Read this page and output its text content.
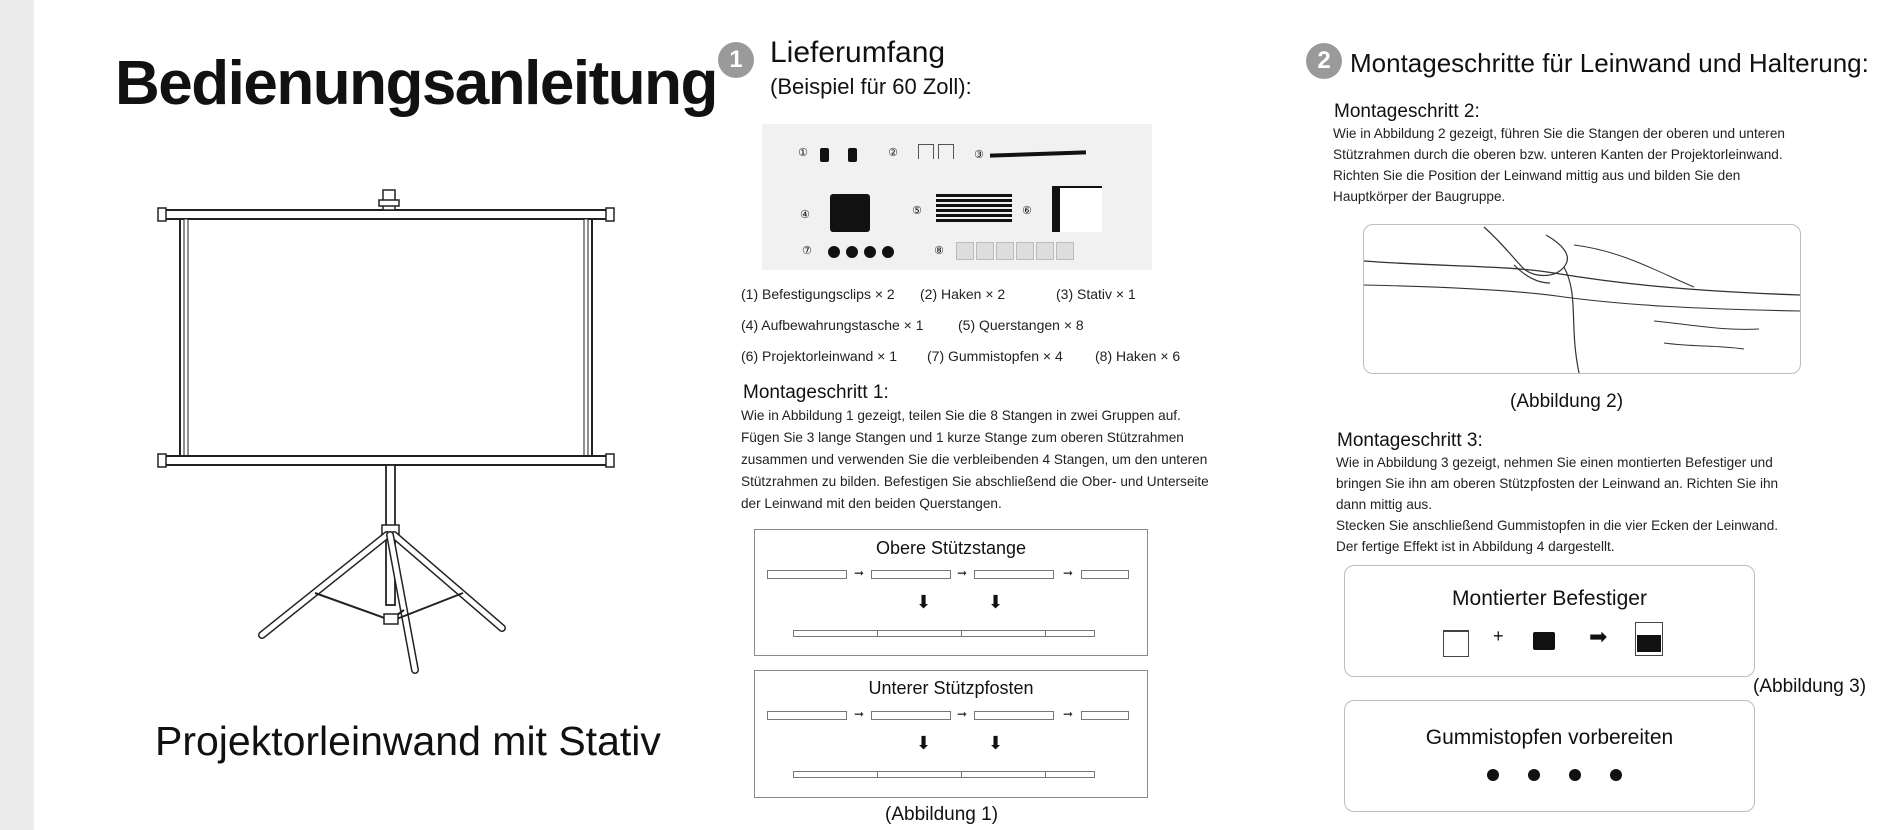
Bedienungsanleitung
Projektorleinwand mit Stativ
1 Lieferumfang
(Beispiel für 60 Zoll):
①	②	③
④	⑤	⑥
⑦	⑧
(1) Befestigungsclips × 2 (2) Haken × 2	(3) Stativ × 1
(4) Aufbewahrungstasche × 1 (5) Querstangen × 8
(6) Projektorleinwand × 1 (7) Gummistopfen × 4 (8) Haken × 6
Montageschritt 1:
Wie in Abbildung 1 gezeigt, teilen Sie die 8 Stangen in zwei Gruppen auf.
Fügen Sie 3 lange Stangen und 1 kurze Stange zum oberen Stützrahmen
zusammen und verwenden Sie die verbleibenden 4 Stangen, um den unteren
Stützrahmen zu bilden. Befestigen Sie abschließend die Ober- und Unterseite
der Leinwand mit den beiden Querstangen.
Obere Stützstange
➞	➞	➞
⬇	⬇
Unterer Stützpfosten
➞	➞	➞
⬇	⬇
(Abbildung 1)
2 Montageschritte für Leinwand und Halterung:
Montageschritt 2:
Wie in Abbildung 2 gezeigt, führen Sie die Stangen der oberen und unteren
Stützrahmen durch die oberen bzw. unteren Kanten der Projektorleinwand.
Richten Sie die Position der Leinwand mittig aus und bilden Sie den
Hauptkörper der Baugruppe.
(Abbildung 2)
Montageschritt 3:
Wie in Abbildung 3 gezeigt, nehmen Sie einen montierten Befestiger und
bringen Sie ihn am oberen Stützpfosten der Leinwand an. Richten Sie ihn
dann mittig aus.
Stecken Sie anschließend Gummistopfen in die vier Ecken der Leinwand.
Der fertige Effekt ist in Abbildung 4 dargestellt.
Montierter Befestiger
+	➡
(Abbildung 3)
Gummistopfen vorbereiten
